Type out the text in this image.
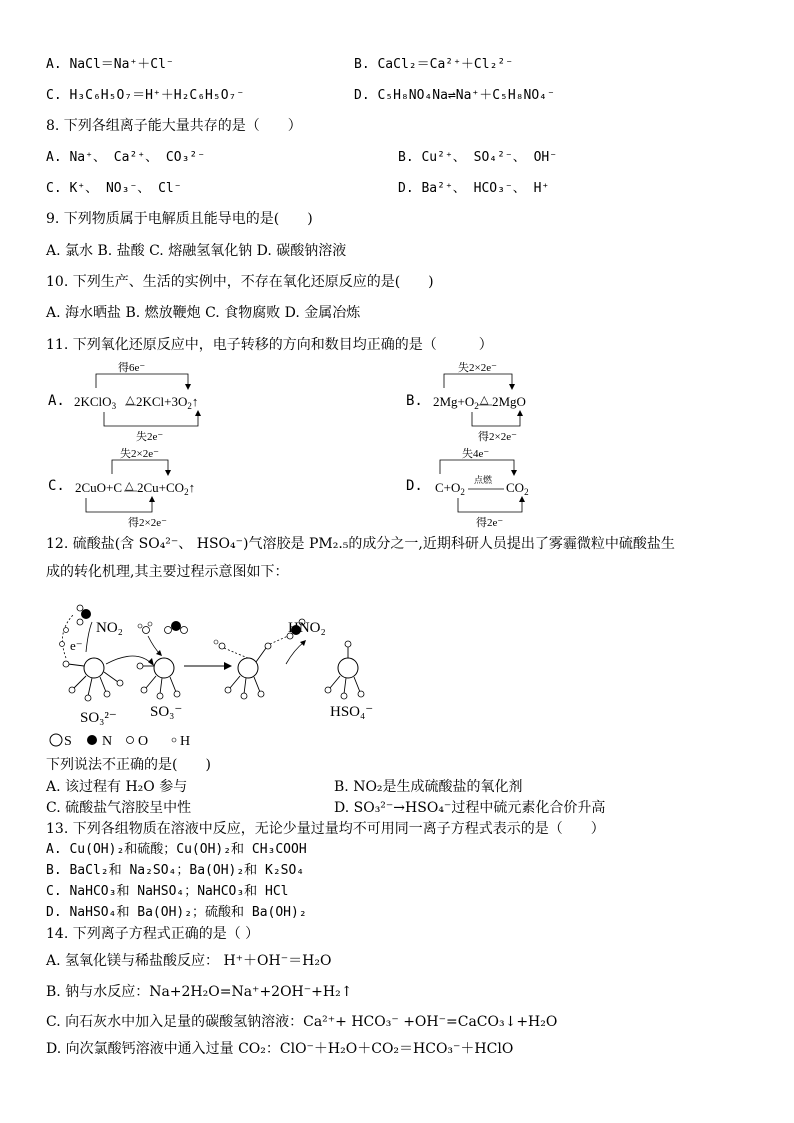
A. NaCl＝Na⁺＋Cl⁻	B. CaCl₂＝Ca²⁺＋Cl₂²⁻
C. H₃C₆H₅O₇＝H⁺＋H₂C₆H₅O₇⁻	D. C₅H₈NO₄Na⇌Na⁺＋C₅H₈NO₄⁻
8. 下列各组离子能大量共存的是（　　）
A. Na⁺、 Ca²⁺、 CO₃²⁻	B. Cu²⁺、 SO₄²⁻、 OH⁻
C. K⁺、 NO₃⁻、 Cl⁻	D. Ba²⁺、 HCO₃⁻、 H⁺
9. 下列物质属于电解质且能导电的是(　　)
A. 氯水 B. 盐酸 C. 熔融氢氧化钠 D. 碳酸钠溶液
10. 下列生产、生活的实例中，不存在氧化还原反应的是(　　)
A. 海水晒盐 B. 燃放鞭炮 C. 食物腐败 D. 金属冶炼
11. 下列氧化还原反应中，电子转移的方向和数目均正确的是（　　　）
A.
得6e⁻
2KClO$_3$ △ $2KCl+3O_2↑$
失2e⁻
B.
失2×2e⁻
$2Mg+O_2$ △ 2MgO
得2×2e⁻
C.
失2×2e⁻
2CuO+C △ $2Cu+CO_2↑$
得2×2e⁻
D.
失4e⁻
$C+O_2$
点燃 $CO_2$
得2e⁻
12. 硫酸盐(含 SO₄²⁻、 HSO₄⁻)气溶胶是 PM₂.₅的成分之一,近期科研人员提出了雾霾微粒中硫酸盐生
成的转化机理,其主要过程示意图如下：
e⁻
NO₂
SO₃²⁻ SO₃⁻
HNO₂
HSO₄⁻
S N O H
下列说法不正确的是(　　)
A. 该过程有 H₂O 参与	B. NO₂是生成硫酸盐的氧化剂
C. 硫酸盐气溶胶呈中性	D. SO₃²⁻→HSO₄⁻过程中硫元素化合价升高
13. 下列各组物质在溶液中反应，无论少量过量均不可用同一离子方程式表示的是（　　）
A. Cu(OH)₂和硫酸；Cu(OH)₂和 CH₃COOH
B. BaCl₂和 Na₂SO₄；Ba(OH)₂和 K₂SO₄
C. NaHCO₃和 NaHSO₄；NaHCO₃和 HCl
D. NaHSO₄和 Ba(OH)₂；硫酸和 Ba(OH)₂
14. 下列离子方程式正确的是（ ）
A. 氢氧化镁与稀盐酸反应： H⁺＋OH⁻＝H₂O
B. 钠与水反应：Na+2H₂O=Na⁺+2OH⁻+H₂↑
C. 向石灰水中加入足量的碳酸氢钠溶液：Ca²⁺+ HCO₃⁻ +OH⁻=CaCO₃↓+H₂O
D. 向次氯酸钙溶液中通入过量 CO₂：ClO⁻＋H₂O＋CO₂＝HCO₃⁻＋HClO
